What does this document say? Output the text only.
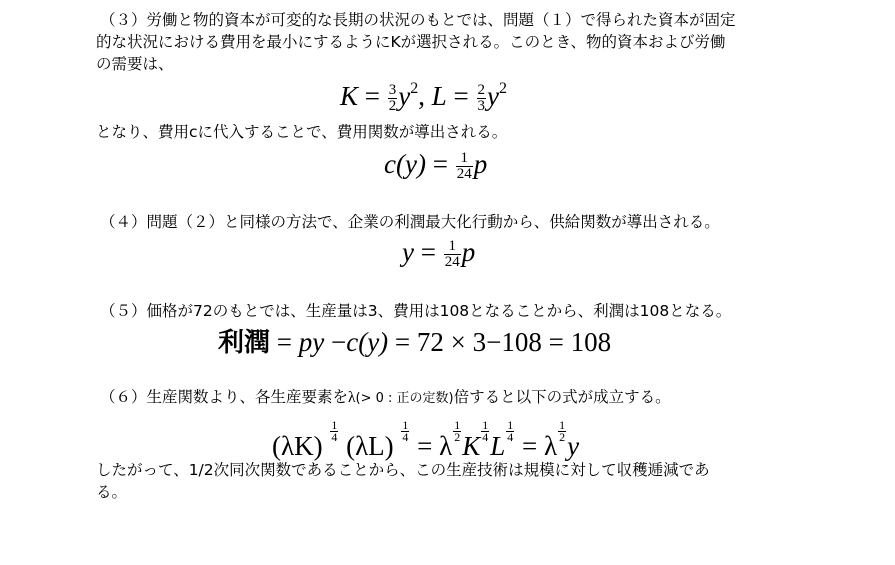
（３）労働と物的資本が可変的な長期の状況のもとでは、問題（１）で得られた資本が固定
的な状況における費用を最小にするようにKが選択される。このとき、物的資本および労働
の需要は、
$K = \frac{3}{2} y^2$, $L = \frac{2}{3} y^2$
となり、費用cに代入することで、費用関数が導出される。
$c(y) = \frac{1}{24}$ p
（４）問題（２）と同様の方法で、企業の利潤最大化行動から、供給関数が導出される。
$y = \frac{1}{24}$ p
（５）価格が72のもとでは、生産量は3、費用は108となることから、利潤は108となる。
利潤 = py −c(y) = 72 × 3−108 = 108
（６）生産関数より、各生産要素をλ(> 0 : 正の定数)倍すると以下の式が成立する。
$(\lambda K) \frac{1}{4} (\lambda L) \frac{1}{4} = \lambda \frac{1}{2}$ K $\frac{1}{4}$ L $\frac{1}{4} = \lambda \frac{1}{2}$ y
したがって、1/2次同次関数であることから、この生産技術は規模に対して収穫逓減であ
る。
